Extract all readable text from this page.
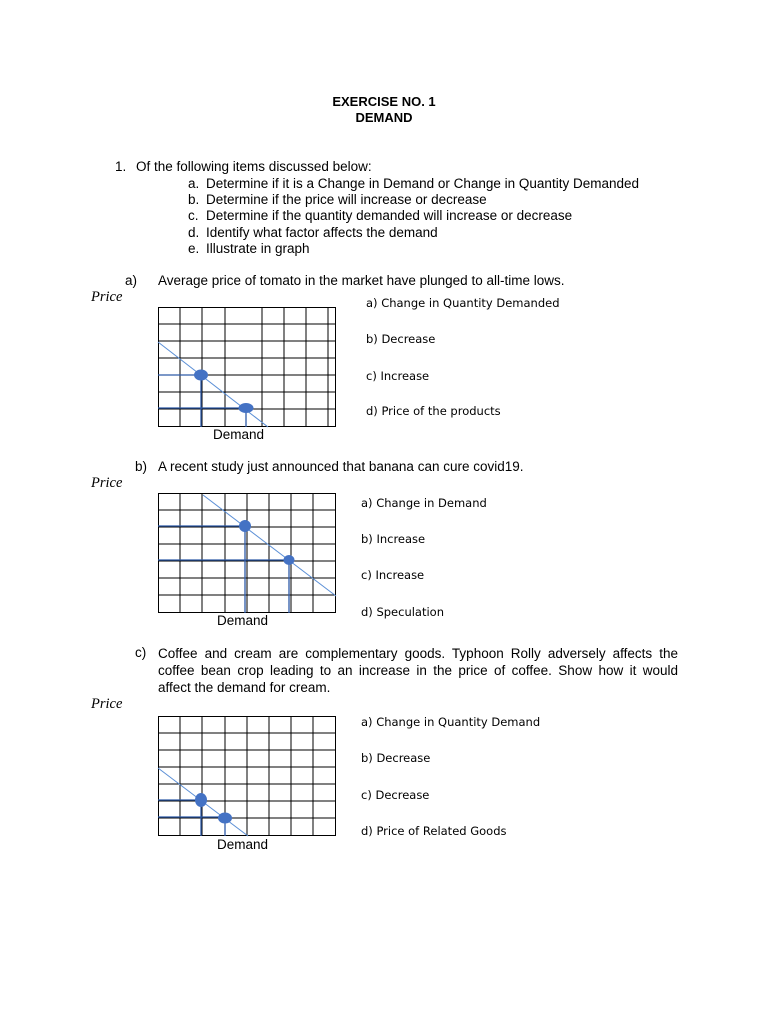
EXERCISE NO. 1
DEMAND
1. Of the following items discussed below:
a. Determine if it is a Change in Demand or Change in Quantity Demanded
b. Determine if the price will increase or decrease
c. Determine if the quantity demanded will increase or decrease
d. Identify what factor affects the demand
e. Illustrate in graph
a) Average price of tomato in the market have plunged to all-time lows.
Price
Demand
a) Change in Quantity Demanded
b) Decrease
c) Increase
d) Price of the products
b) A recent study just announced that banana can cure covid19.
Price
Demand
a) Change in Demand
b) Increase
c) Increase
d) Speculation
c) Coffee and cream are complementary goods. Typhoon Rolly adversely affects the
coffee bean crop leading to an increase in the price of coffee. Show how it would
affect the demand for cream.
Price
Demand
a) Change in Quantity Demand
b) Decrease
c) Decrease
d) Price of Related Goods
